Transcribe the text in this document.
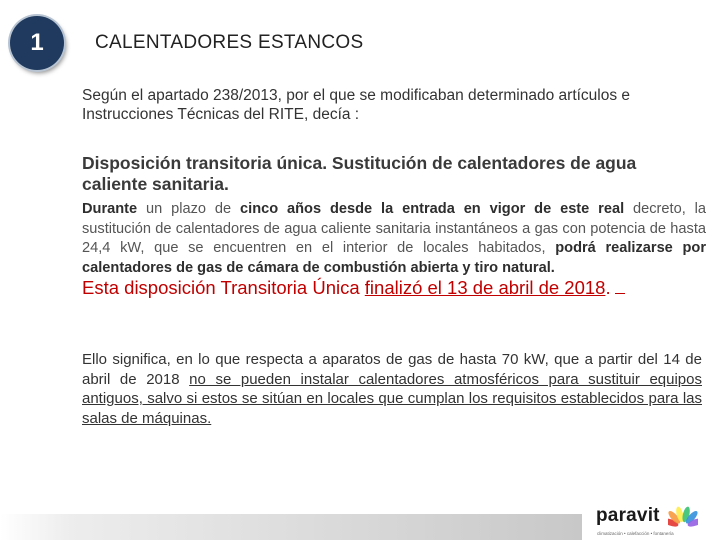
1	CALENTADORES ESTANCOS
Según el apartado 238/2013, por el que se modificaban determinado artículos e Instrucciones Técnicas del RITE, decía :
Disposición transitoria única. Sustitución de calentadores de agua caliente sanitaria.
Durante un plazo de cinco años desde la entrada en vigor de este real decreto, la sustitución de calentadores de agua caliente sanitaria instantáneos a gas con potencia de hasta 24,4 kW, que se encuentren en el interior de locales habitados, podrá realizarse por calentadores de gas de cámara de combustión abierta y tiro natural.
Esta disposición Transitoria Única finalizó el 13 de abril de 2018.
Ello significa, en lo que respecta a aparatos de gas de hasta 70 kW, que a partir del 14 de abril de 2018 no se pueden instalar calentadores atmosféricos para sustituir equipos antiguos, salvo si estos se sitúan en locales que cumplan los requisitos establecidos para las salas de máquinas.
paravit
climatización • calefacción • fontanería
